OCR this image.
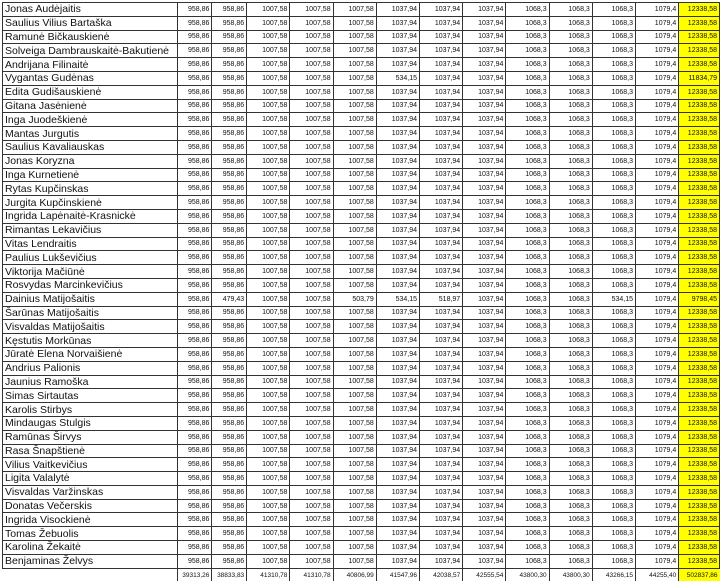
Jonas Audėjaitis	958,86	958,86	1007,58	1007,58	1007,58	1037,94	1037,94	1037,94	1068,3	1068,3	1068,3	1079,4	12338,58
Saulius Vilius Bartaška	958,86	958,86	1007,58	1007,58	1007,58	1037,94	1037,94	1037,94	1068,3	1068,3	1068,3	1079,4	12338,58
Ramunė Bičkauskienė	958,86	958,86	1007,58	1007,58	1007,58	1037,94	1037,94	1037,94	1068,3	1068,3	1068,3	1079,4	12338,58
Solveiga Dambrauskaitė-Bakutienė	958,86	958,86	1007,58	1007,58	1007,58	1037,94	1037,94	1037,94	1068,3	1068,3	1068,3	1079,4	12338,58
Andrijana Filinaitė	958,86	958,86	1007,58	1007,58	1007,58	1037,94	1037,94	1037,94	1068,3	1068,3	1068,3	1079,4	12338,58
Vygantas Gudėnas	958,86	958,86	1007,58	1007,58	1007,58	534,15	1037,94	1037,94	1068,3	1068,3	1068,3	1079,4	11834,79
Edita Gudišauskienė	958,86	958,86	1007,58	1007,58	1007,58	1037,94	1037,94	1037,94	1068,3	1068,3	1068,3	1079,4	12338,58
Gitana Jasėnienė	958,86	958,86	1007,58	1007,58	1007,58	1037,94	1037,94	1037,94	1068,3	1068,3	1068,3	1079,4	12338,58
Inga Juodeškienė	958,86	958,86	1007,58	1007,58	1007,58	1037,94	1037,94	1037,94	1068,3	1068,3	1068,3	1079,4	12338,58
Mantas Jurgutis	958,86	958,86	1007,58	1007,58	1007,58	1037,94	1037,94	1037,94	1068,3	1068,3	1068,3	1079,4	12338,58
Saulius Kavaliauskas	958,86	958,86	1007,58	1007,58	1007,58	1037,94	1037,94	1037,94	1068,3	1068,3	1068,3	1079,4	12338,58
Jonas Koryzna	958,86	958,86	1007,58	1007,58	1007,58	1037,94	1037,94	1037,94	1068,3	1068,3	1068,3	1079,4	12338,58
Inga Kurnetienė	958,86	958,86	1007,58	1007,58	1007,58	1037,94	1037,94	1037,94	1068,3	1068,3	1068,3	1079,4	12338,58
Rytas Kupčinskas	958,86	958,86	1007,58	1007,58	1007,58	1037,94	1037,94	1037,94	1068,3	1068,3	1068,3	1079,4	12338,58
Jurgita Kupčinskienė	958,86	958,86	1007,58	1007,58	1007,58	1037,94	1037,94	1037,94	1068,3	1068,3	1068,3	1079,4	12338,58
Ingrida Lapėnaitė-Krasnickė	958,86	958,86	1007,58	1007,58	1007,58	1037,94	1037,94	1037,94	1068,3	1068,3	1068,3	1079,4	12338,58
Rimantas Lekavičius	958,86	958,86	1007,58	1007,58	1007,58	1037,94	1037,94	1037,94	1068,3	1068,3	1068,3	1079,4	12338,58
Vitas Lendraitis	958,86	958,86	1007,58	1007,58	1007,58	1037,94	1037,94	1037,94	1068,3	1068,3	1068,3	1079,4	12338,58
Paulius Lukševičius	958,86	958,86	1007,58	1007,58	1007,58	1037,94	1037,94	1037,94	1068,3	1068,3	1068,3	1079,4	12338,58
Viktorija Mačiūnė	958,86	958,86	1007,58	1007,58	1007,58	1037,94	1037,94	1037,94	1068,3	1068,3	1068,3	1079,4	12338,58
Rosvydas Marcinkevičius	958,86	958,86	1007,58	1007,58	1007,58	1037,94	1037,94	1037,94	1068,3	1068,3	1068,3	1079,4	12338,58
Dainius Matijošaitis	958,86	479,43	1007,58	1007,58	503,79	534,15	518,97	1037,94	1068,3	1068,3	534,15	1079,4	9798,45
Šarūnas Matijošaitis	958,86	958,86	1007,58	1007,58	1007,58	1037,94	1037,94	1037,94	1068,3	1068,3	1068,3	1079,4	12338,58
Visvaldas Matijošaitis	958,86	958,86	1007,58	1007,58	1007,58	1037,94	1037,94	1037,94	1068,3	1068,3	1068,3	1079,4	12338,58
Kęstutis Morkūnas	958,86	958,86	1007,58	1007,58	1007,58	1037,94	1037,94	1037,94	1068,3	1068,3	1068,3	1079,4	12338,58
Jūratė Elena Norvaišienė	958,86	958,86	1007,58	1007,58	1007,58	1037,94	1037,94	1037,94	1068,3	1068,3	1068,3	1079,4	12338,58
Andrius Palionis	958,86	958,86	1007,58	1007,58	1007,58	1037,94	1037,94	1037,94	1068,3	1068,3	1068,3	1079,4	12338,58
Jaunius Ramoška	958,86	958,86	1007,58	1007,58	1007,58	1037,94	1037,94	1037,94	1068,3	1068,3	1068,3	1079,4	12338,58
Simas Sirtautas	958,86	958,86	1007,58	1007,58	1007,58	1037,94	1037,94	1037,94	1068,3	1068,3	1068,3	1079,4	12338,58
Karolis Stirbys	958,86	958,86	1007,58	1007,58	1007,58	1037,94	1037,94	1037,94	1068,3	1068,3	1068,3	1079,4	12338,58
Mindaugas Stulgis	958,86	958,86	1007,58	1007,58	1007,58	1037,94	1037,94	1037,94	1068,3	1068,3	1068,3	1079,4	12338,58
Ramūnas Širvys	958,86	958,86	1007,58	1007,58	1007,58	1037,94	1037,94	1037,94	1068,3	1068,3	1068,3	1079,4	12338,58
Rasa Šnapštienė	958,86	958,86	1007,58	1007,58	1007,58	1037,94	1037,94	1037,94	1068,3	1068,3	1068,3	1079,4	12338,58
Vilius Vaitkevičius	958,86	958,86	1007,58	1007,58	1007,58	1037,94	1037,94	1037,94	1068,3	1068,3	1068,3	1079,4	12338,58
Ligita Valalytė	958,86	958,86	1007,58	1007,58	1007,58	1037,94	1037,94	1037,94	1068,3	1068,3	1068,3	1079,4	12338,58
Visvaldas Varžinskas	958,86	958,86	1007,58	1007,58	1007,58	1037,94	1037,94	1037,94	1068,3	1068,3	1068,3	1079,4	12338,58
Donatas Večerskis	958,86	958,86	1007,58	1007,58	1007,58	1037,94	1037,94	1037,94	1068,3	1068,3	1068,3	1079,4	12338,58
Ingrida Visockienė	958,86	958,86	1007,58	1007,58	1007,58	1037,94	1037,94	1037,94	1068,3	1068,3	1068,3	1079,4	12338,58
Tomas Žebuolis	958,86	958,86	1007,58	1007,58	1007,58	1037,94	1037,94	1037,94	1068,3	1068,3	1068,3	1079,4	12338,58
Karolina Žekaitė	958,86	958,86	1007,58	1007,58	1007,58	1037,94	1037,94	1037,94	1068,3	1068,3	1068,3	1079,4	12338,58
Benjaminas Želvys	958,86	958,86	1007,58	1007,58	1007,58	1037,94	1037,94	1037,94	1068,3	1068,3	1068,3	1079,4	12338,58
	39313,26	38833,83	41310,78	41310,78	40806,99	41547,96	42038,57	42555,54	43800,30	43800,30	43266,15	44255,40	502837,86
